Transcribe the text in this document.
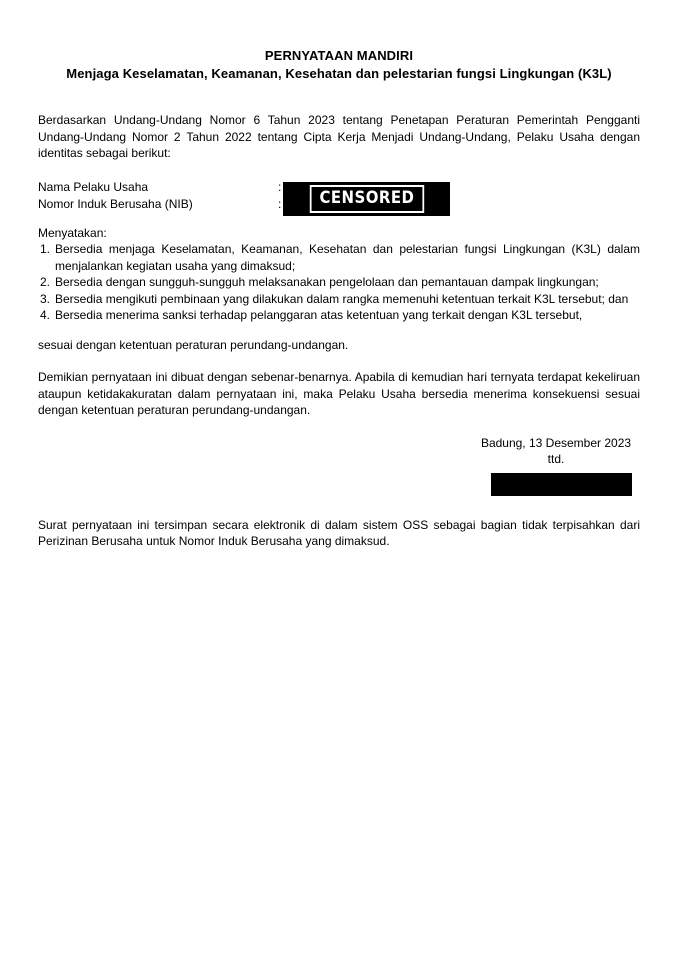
PERNYATAAN MANDIRI
Menjaga Keselamatan, Keamanan, Kesehatan dan pelestarian fungsi Lingkungan (K3L)
Berdasarkan Undang-Undang Nomor 6 Tahun 2023 tentang Penetapan Peraturan Pemerintah Pengganti Undang-Undang Nomor 2 Tahun 2022 tentang Cipta Kerja Menjadi Undang-Undang, Pelaku Usaha dengan identitas sebagai berikut:
Nama Pelaku Usaha
Nomor Induk Berusaha (NIB)
:
:	CENSORED
Menyatakan:
1. Bersedia menjaga Keselamatan, Keamanan, Kesehatan dan pelestarian fungsi Lingkungan (K3L) dalam menjalankan kegiatan usaha yang dimaksud;
2. Bersedia dengan sungguh-sungguh melaksanakan pengelolaan dan pemantauan dampak lingkungan;
3. Bersedia mengikuti pembinaan yang dilakukan dalam rangka memenuhi ketentuan terkait K3L tersebut; dan
4. Bersedia menerima sanksi terhadap pelanggaran atas ketentuan yang terkait dengan K3L tersebut,
sesuai dengan ketentuan peraturan perundang-undangan.
Demikian pernyataan ini dibuat dengan sebenar-benarnya. Apabila di kemudian hari ternyata terdapat kekeliruan ataupun ketidakakuratan dalam pernyataan ini, maka Pelaku Usaha bersedia menerima konsekuensi sesuai dengan ketentuan peraturan perundang-undangan.
Badung, 13 Desember 2023
ttd.
Surat pernyataan ini tersimpan secara elektronik di dalam sistem OSS sebagai bagian tidak terpisahkan dari Perizinan Berusaha untuk Nomor Induk Berusaha yang dimaksud.
